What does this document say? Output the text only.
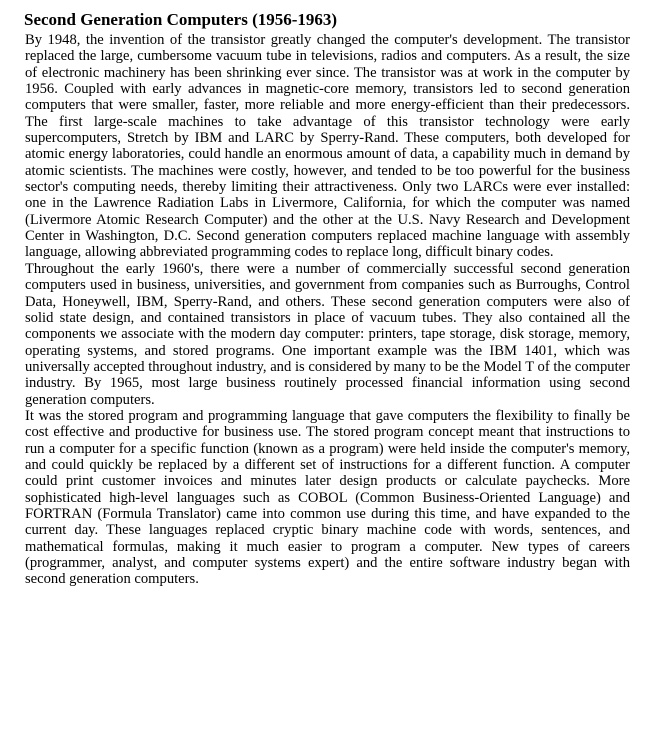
Second Generation Computers (1956-1963)

By 1948, the invention of the transistor greatly changed the computer's development. The transistor replaced the large, cumbersome vacuum tube in televisions, radios and computers. As a result, the size of electronic machinery has been shrinking ever since. The transistor was at work in the computer by 1956. Coupled with early advances in magnetic-core memory, transistors led to second generation computers that were smaller, faster, more reliable and more energy-efficient than their predecessors. The first large-scale machines to take advantage of this transistor technology were early supercomputers, Stretch by IBM and LARC by Sperry-Rand. These computers, both developed for atomic energy laboratories, could handle an enormous amount of data, a capability much in demand by atomic scientists. The machines were costly, however, and tended to be too powerful for the business sector's computing needs, thereby limiting their attractiveness. Only two LARCs were ever installed: one in the Lawrence Radiation Labs in Livermore, California, for which the computer was named (Livermore Atomic Research Computer) and the other at the U.S. Navy Research and Development Center in Washington, D.C. Second generation computers replaced machine language with assembly language, allowing abbreviated programming codes to replace long, difficult binary codes.

Throughout the early 1960's, there were a number of commercially successful second generation computers used in business, universities, and government from companies such as Burroughs, Control Data, Honeywell, IBM, Sperry-Rand, and others. These second generation computers were also of solid state design, and contained transistors in place of vacuum tubes. They also contained all the components we associate with the modern day computer: printers, tape storage, disk storage, memory, operating systems, and stored programs. One important example was the IBM 1401, which was universally accepted throughout industry, and is considered by many to be the Model T of the computer industry. By 1965, most large business routinely processed financial information using second generation computers.

It was the stored program and programming language that gave computers the flexibility to finally be cost effective and productive for business use. The stored program concept meant that instructions to run a computer for a specific function (known as a program) were held inside the computer's memory, and could quickly be replaced by a different set of instructions for a different function. A computer could print customer invoices and minutes later design products or calculate paychecks. More sophisticated high-level languages such as COBOL (Common Business-Oriented Language) and FORTRAN (Formula Translator) came into common use during this time, and have expanded to the current day. These languages replaced cryptic binary machine code with words, sentences, and mathematical formulas, making it much easier to program a computer. New types of careers (programmer, analyst, and computer systems expert) and the entire software industry began with second generation computers.
